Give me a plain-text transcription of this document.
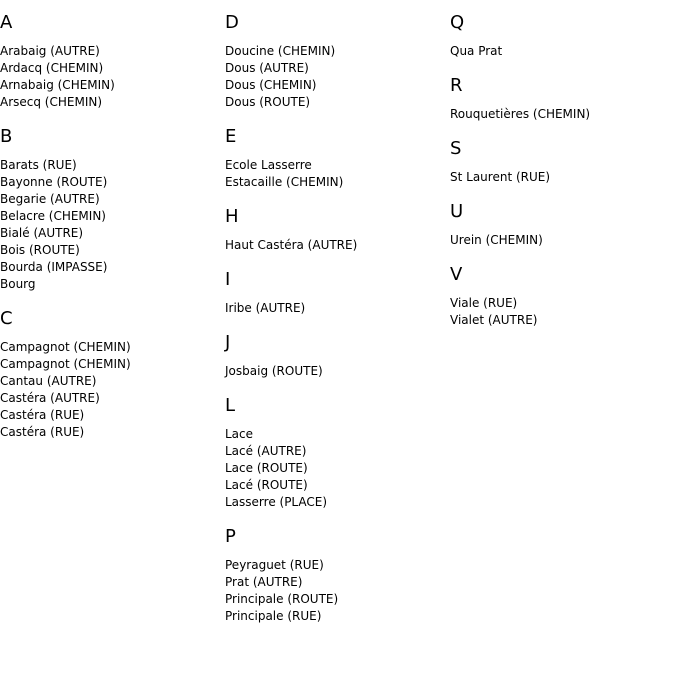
A
Arabaig (AUTRE)
Ardacq (CHEMIN)
Arnabaig (CHEMIN)
Arsecq (CHEMIN)
B
Barats (RUE)
Bayonne (ROUTE)
Begarie (AUTRE)
Belacre (CHEMIN)
Bialé (AUTRE)
Bois (ROUTE)
Bourda (IMPASSE)
Bourg
C
Campagnot (CHEMIN)
Campagnot (CHEMIN)
Cantau (AUTRE)
Castéra (AUTRE)
Castéra (RUE)
Castéra (RUE)
D
Doucine (CHEMIN)
Dous (AUTRE)
Dous (CHEMIN)
Dous (ROUTE)
E
Ecole Lasserre
Estacaille (CHEMIN)
H
Haut Castéra (AUTRE)
I
Iribe (AUTRE)
J
Josbaig (ROUTE)
L
Lace
Lacé (AUTRE)
Lace (ROUTE)
Lacé (ROUTE)
Lasserre (PLACE)
P
Peyraguet (RUE)
Prat (AUTRE)
Principale (ROUTE)
Principale (RUE)
Q
Qua Prat
R
Rouquetières (CHEMIN)
S
St Laurent (RUE)
U
Urein (CHEMIN)
V
Viale (RUE)
Vialet (AUTRE)
